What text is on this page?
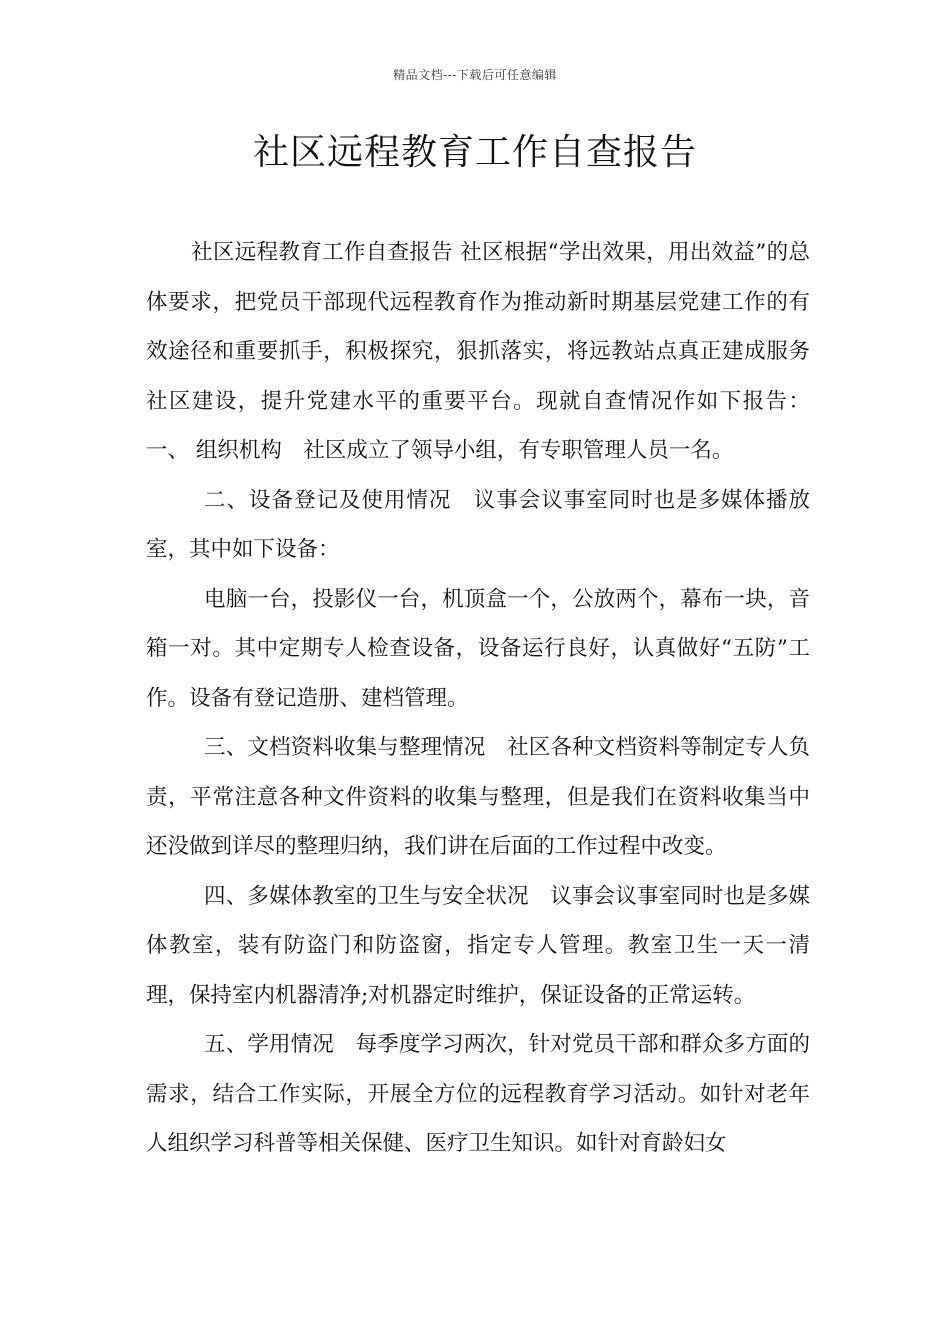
精品文档---下载后可任意编辑
社区远程教育工作自查报告

社区远程教育工作自查报告 社区根据“学出效果，用出效益”的总体要求，把党员干部现代远程教育作为推动新时期基层党建工作的有效途径和重要抓手，积极探究，狠抓落实，将远教站点真正建成服务社区建设，提升党建水平的重要平台。现就自查情况作如下报告： 一、 组织机构　社区成立了领导小组，有专职管理人员一名。

二、设备登记及使用情况　议事会议事室同时也是多媒体播放室，其中如下设备：

电脑一台，投影仪一台，机顶盒一个，公放两个，幕布一块，音箱一对。其中定期专人检查设备，设备运行良好，认真做好“五防”工作。设备有登记造册、建档管理。

三、文档资料收集与整理情况　社区各种文档资料等制定专人负责，平常注意各种文件资料的收集与整理，但是我们在资料收集当中还没做到详尽的整理归纳，我们讲在后面的工作过程中改变。

四、多媒体教室的卫生与安全状况　议事会议事室同时也是多媒体教室，装有防盗门和防盗窗，指定专人管理。教室卫生一天一清理，保持室内机器清净;对机器定时维护，保证设备的正常运转。

五、学用情况　每季度学习两次，针对党员干部和群众多方面的需求，结合工作实际，开展全方位的远程教育学习活动。如针对老年人组织学习科普等相关保健、医疗卫生知识。如针对育龄妇女
